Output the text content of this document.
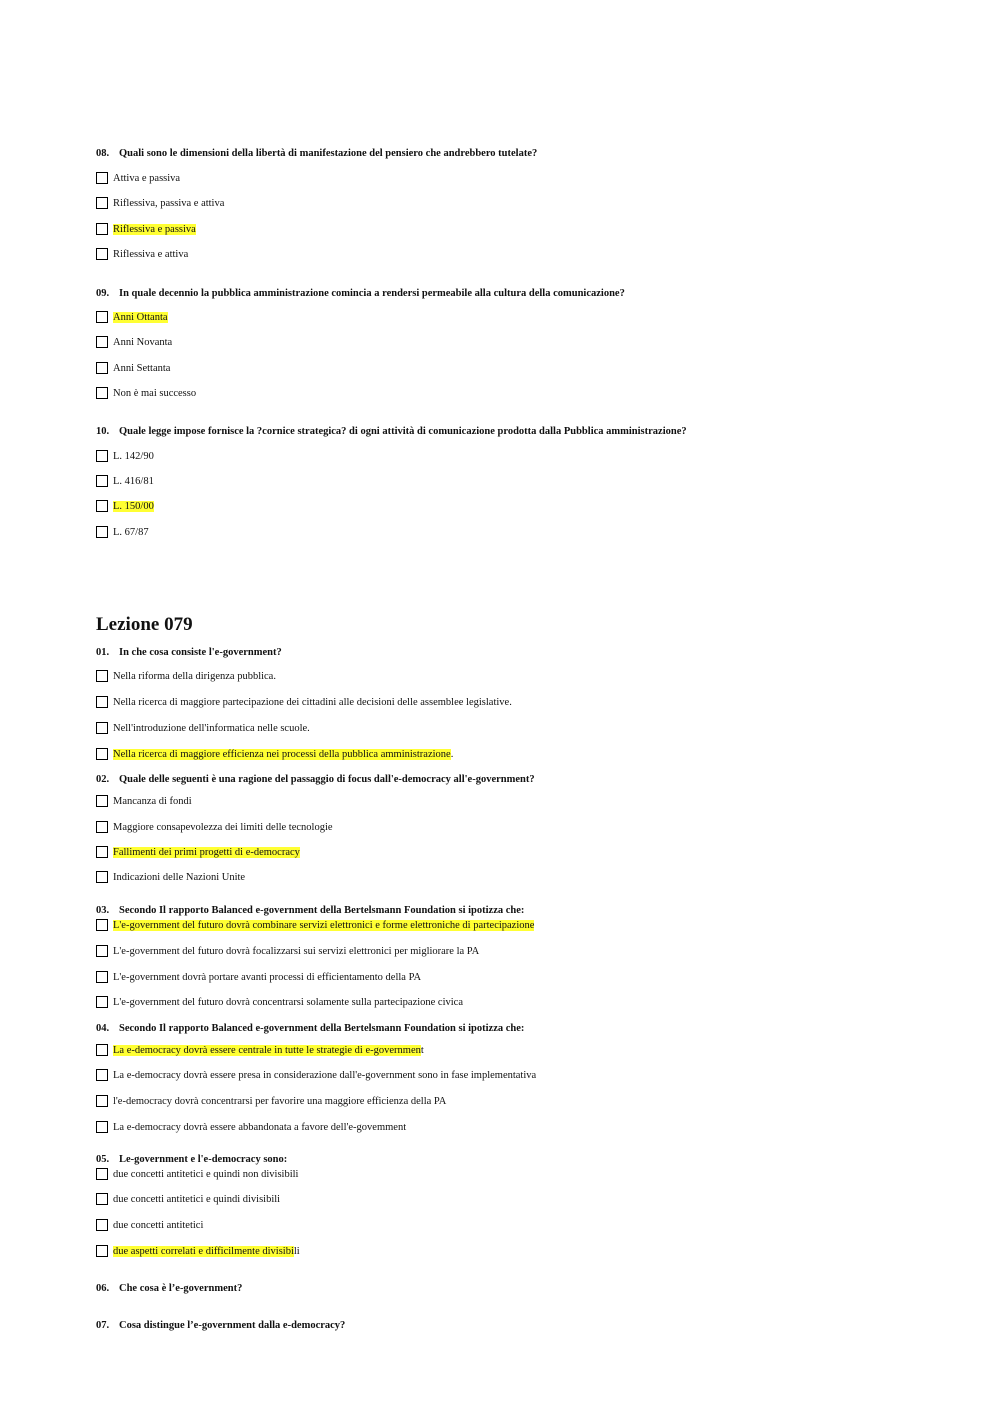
08. Quali sono le dimensioni della libertà di manifestazione del pensiero che andrebbero tutelate?
Attiva e passiva
Riflessiva, passiva e attiva
Riflessiva e passiva
Riflessiva e attiva
09. In quale decennio la pubblica amministrazione comincia a rendersi permeabile alla cultura della comunicazione?
Anni Ottanta
Anni Novanta
Anni Settanta
Non è mai successo
10. Quale legge impose fornisce la ?cornice strategica? di ogni attività di comunicazione prodotta dalla Pubblica amministrazione?
L. 142/90
L. 416/81
L. 150/00
L. 67/87
01. In che cosa consiste l'e-government?
Nella riforma della dirigenza pubblica.
Nella ricerca di maggiore partecipazione dei cittadini alle decisioni delle assemblee legislative.
Nell'introduzione dell'informatica nelle scuole.
Nella ricerca di maggiore efficienza nei processi della pubblica amministrazione.
02. Quale delle seguenti è una ragione del passaggio di focus dall'e-democracy all'e-government?
Mancanza di fondi
Maggiore consapevolezza dei limiti delle tecnologie
Fallimenti dei primi progetti di e-democracy
Indicazioni delle Nazioni Unite
03. Secondo Il rapporto Balanced e-government della Bertelsmann Foundation si ipotizza che:
L'e-government del futuro dovrà combinare servizi elettronici e forme elettroniche di partecipazione
L'e-government del futuro dovrà focalizzarsi sui servizi elettronici per migliorare la PA
L'e-government dovrà portare avanti processi di efficientamento della PA
L'e-government del futuro dovrà concentrarsi solamente sulla partecipazione civica
04. Secondo Il rapporto Balanced e-government della Bertelsmann Foundation si ipotizza che:
La e-democracy dovrà essere centrale in tutte le strategie di e-government
La e-democracy dovrà essere presa in considerazione dall'e-government sono in fase implementativa
l'e-democracy dovrà concentrarsi per favorire una maggiore efficienza della PA
La e-democracy dovrà essere abbandonata a favore dell'e-govemment
05. Le-government e l'e-democracy sono:
due concetti antitetici e quindi non divisibili
due concetti antitetici e quindi divisibili
due concetti antitetici
due aspetti correlati e difficilmente divisibili
06. Che cosa è l’e-government?
07. Cosa distingue l’e-government dalla e-democracy?
Lezione 079
